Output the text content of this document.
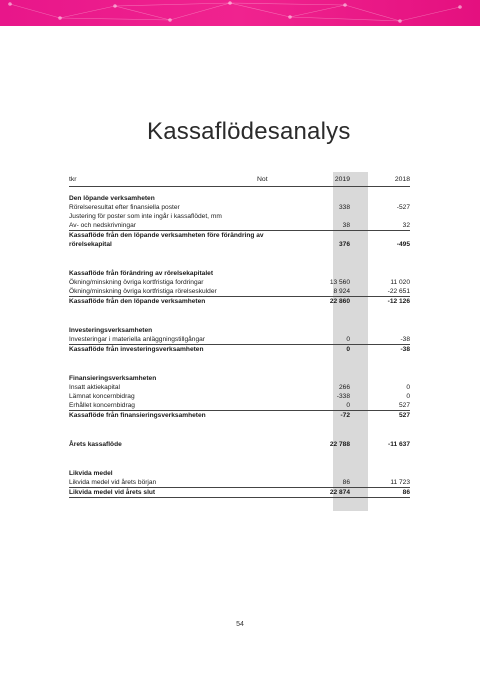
Kassaflödesanalys
tkr	Not	2019	2018
Den löpande verksamheten
Rörelseresultat efter finansiella poster	338	-527
Justering för poster som inte ingår i kassaflödet, mm
Av- och nedskrivningar	38	32
Kassaflöde från den löpande verksamheten före förändring av rörelsekapital	376	-495
Kassaflöde från förändring av rörelsekapitalet
Ökning/minskning övriga kortfristiga fordringar	13 560	11 020
Ökning/minskning övriga kortfristiga rörelseskulder	8 924	-22 651
Kassaflöde från den löpande verksamheten	22 860	-12 126
Investeringsverksamheten
Investeringar i materiella anläggningstillgångar	0	-38
Kassaflöde från investeringsverksamheten	0	-38
Finansieringsverksamheten
Insatt aktiekapital	266	0
Lämnat koncernbidrag	-338	0
Erhållet koncernbidrag	0	527
Kassaflöde från finansieringsverksamheten	-72	527
Årets kassaflöde	22 788	-11 637
Likvida medel
Likvida medel vid årets början	86	11 723
Likvida medel vid årets slut	22 874	86
54
